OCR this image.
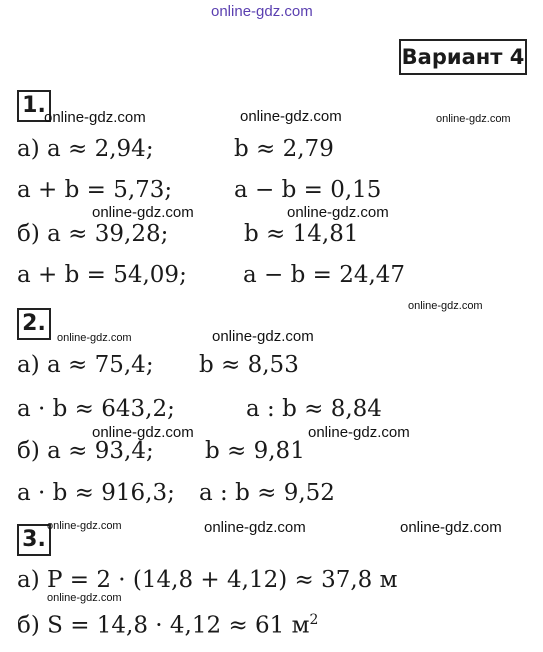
online-gdz.com
Вариант 4
1.
online-gdz.com	online-gdz.com	online-gdz.com
а) a ≈ 2,94;	b ≈ 2,79
a + b = 5,73;	a − b = 0,15
online-gdz.com	online-gdz.com
б) a ≈ 39,28;	b ≈ 14,81
a + b = 54,09; a − b = 24,47
online-gdz.com
2.
online-gdz.com	online-gdz.com
а) a ≈ 75,4; b ≈ 8,53
a · b ≈ 643,2;	a : b ≈ 8,84
online-gdz.com	online-gdz.com
б) a ≈ 93,4; b ≈ 9,81
a · b ≈ 916,3; a : b ≈ 9,52
3.
online-gdz.com	online-gdz.com	online-gdz.com
а) P = 2 · (14,8 + 4,12) ≈ 37,8 м
online-gdz.com
б) S = 14,8 · 4,12 ≈ 61 $м^2$
